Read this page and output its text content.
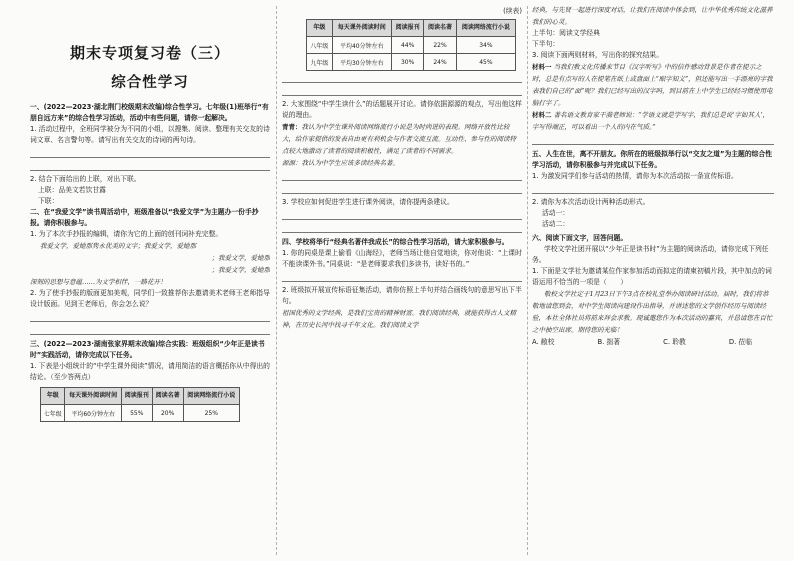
期末专项复习卷（三）
综合性学习

一、(2022—2023·湖北荆门校级期末改编)综合性学习。七年级(1)班举行“有朋自远方来”的综合性学习活动，活动中有些问题，请你一起解决。

1. 活动过程中，全班同学被分为不同的小组，以搜集、阅读、整理有关交友的诗词文章、名言警句等。请写出有关交友的诗词的两句诗。

2. 结合下面给出的上联，对出下联。

上联：品美文若饮甘露

下联：

二、在“我爱文学”读书周活动中，班级准备以“我爱文学”为主题办一份手抄报。请你积极参与。

1. 为了本次手抄报的编辑，请你为它的上面的创刊词补充完整。

我爱文学，爱她那隽永优美的文字；我爱文学，爱她那

；我爱文学，爱她那

；我爱文学，爱她那

深刻的思想与意蕴……为文学相伴，一路花开！

2. 为了使手抄报的版面更加美观，同学们一致推荐你去邀请美术老师王老师指导设计版面。见到王老师后，你会怎么说？

三、(2022—2023·湖南张家界期末改编)综合实践：班级组织“少年正是读书时”实践活动，请你完成以下任务。

1. 下表是小组统计的“中学生课外阅读”情况，请用简洁的语言概括你从中得出的结论。（至少答两点）

年级	每天课外阅读时间	阅读报刊	阅读名著	阅读网络流行小说
七年级	平均60分钟左右	55%	20%	25%

(续表)

年级	每天课外阅读时间	阅读报刊	阅读名著	阅读网络流行小说
八年级	平均40分钟左右	44%	22%	34%
九年级	平均30分钟左右	30%	24%	45%

2. 大家围绕“中学生读什么”的话题展开讨论。请你依据源源的观点，写出他这样说的理由。

青青：我认为中学生课外阅读网络流行小说是为时尚进的表现。网络开放性比较大，给作家提供的发表自由更有利机会与作者交流互流。互动性、参与性的阅读特点较大地激动了读者的阅读积极性，满足了读者的不同需求。

源源：我认为中学生应该多读经典名著。

3. 学校应如何促进学生进行课外阅读，请你提两条建议。

四、学校将举行“经典名著伴我成长”的综合性学习活动，请大家积极参与。

1. 你的同桌是课上偷看《山海经》，老师当场让他自觉地读，你对他说：“上课时不能读课外书。”同桌说：“是老师要求我们多读书，读好书的。”

2. 班级拟开展宣传标语征集活动，请你仿照上半句并结合画线句的意思写出下半句。

祖国优秀的文学经典，是我们宝贵的精神财富。我们阅读经典，就能获得古人文精神，在历史长河中找寻千年文化。我们阅读文学

经典，与先贤一起进行深度对话，让我们在阅读中体会到，让中华优秀传统文化滋养我们的心灵。

上半句：阅读文学经典

下半句：

3. 阅读下面两则材料，写出你的探究结果。

材料一 当我们教文化传播来节目《汉字听写》中的信件感动背景是作者在提示之时，总是有点写的人在提笔在纸上或盘面上“眼字知义”，但还能写出一手漂亮的字我表我们自己的“面”呢？我们已经写出的汉字吗，到目前在上中学生已经经习惯使用电脑打字了。

材料二 著名语文教育家干漪老师说：“学语文就是学写字，我们总是说‘字如其人’，字写得端正，可以看出一个人的内在气质。”

五、人生在世，离不开朋友。你所在的班级拟举行以“交友之道”为主题的综合性学习活动，请你积极参与并完成以下任务。

1. 为激发同学们参与活动的热情，请你为本次活动拟一条宣传标语。

2. 请你为本次活动设计两种活动形式。

活动一：

活动二：

六、阅读下面文字，回答问题。

学校文学社团开展以“少年正是读书时”为主题的阅读活动，请你完成下列任务。

1. 下面是文学社为邀请某位作家参加活动而拟定的请柬初稿片段，其中加点的词语运用不恰当的一项是（　　）

敬校文学社定于1月23日下午3点在校礼堂举办阅读研讨活动。届时，我们将恭敬地请您到会，对中学生阅读向建设作出指导，并讲述您的文学创作经历与阅读经验，本社全体社员将前来拜会求教。现诚邀您作为本次活动的嘉宾，并恳请您在百忙之中抽空出席。期待您的光临！

A. 敝校	B. 拙著	C. 聆教	D. 莅临
